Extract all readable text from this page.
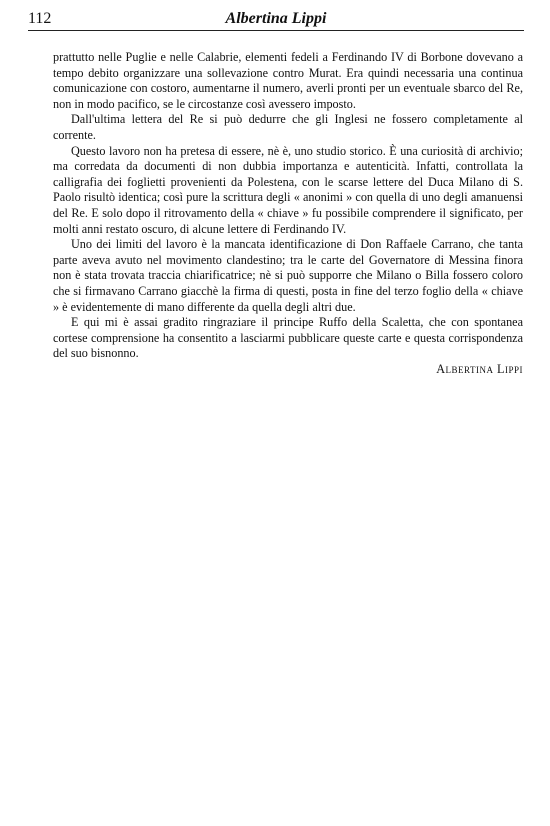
112	Albertina Lippi

prattutto nelle Puglie e nelle Calabrie, elementi fedeli a Ferdinando IV di Borbone dovevano a tempo debito organizzare una sollevazione contro Murat. Era quindi necessaria una continua comunicazione con costoro, aumentarne il numero, averli pronti per un eventuale sbarco del Re, non in modo pacifico, se le circostanze così avessero imposto.

Dall'ultima lettera del Re si può dedurre che gli Inglesi ne fossero completamente al corrente.

Questo lavoro non ha pretesa di essere, nè è, uno studio storico. È una curiosità di archivio; ma corredata da documenti di non dubbia importanza e autenticità. Infatti, controllata la calligrafia dei foglietti provenienti da Polestena, con le scarse lettere del Duca Milano di S. Paolo risultò identica; così pure la scrittura degli « anonimi » con quella di uno degli amanuensi del Re. E solo dopo il ritrovamento della « chiave » fu possibile comprendere il significato, per molti anni restato oscuro, di alcune lettere di Ferdinando IV.

Uno dei limiti del lavoro è la mancata identificazione di Don Raffaele Carrano, che tanta parte aveva avuto nel movimento clandestino; tra le carte del Governatore di Messina finora non è stata trovata traccia chiarificatrice; nè si può supporre che Milano o Billa fossero coloro che si firmavano Carrano giacchè la firma di questi, posta in fine del terzo foglio della « chiave » è evidentemente di mano differente da quella degli altri due.

E qui mi è assai gradito ringraziare il principe Ruffo della Scaletta, che con spontanea cortese comprensione ha consentito a lasciarmi pubblicare queste carte e questa corrispondenza del suo bisnonno.

Albertina Lippi
